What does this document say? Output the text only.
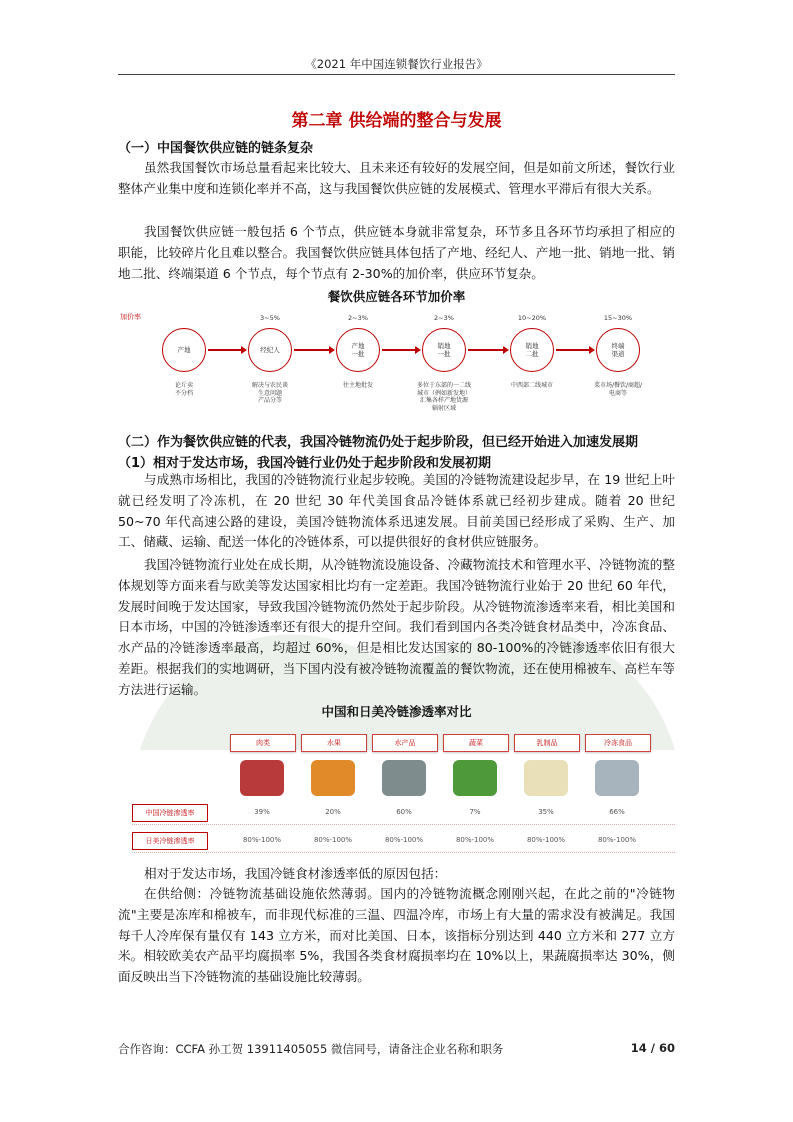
《2021 年中国连锁餐饮行业报告》
第二章 供给端的整合与发展
（一）中国餐饮供应链的链条复杂

虽然我国餐饮市场总量看起来比较大、且未来还有较好的发展空间，但是如前文所述，餐饮行业整体产业集中度和连锁化率并不高，这与我国餐饮供应链的发展模式、管理水平滞后有很大关系。

我国餐饮供应链一般包括 6 个节点，供应链本身就非常复杂，环节多且各环节均承担了相应的职能，比较碎片化且难以整合。我国餐饮供应链具体包括了产地、经纪人、产地一批、销地一批、销地二批、终端渠道 6 个节点，每个节点有 2-30%的加价率，供应环节复杂。

餐饮供应链各环节加价率
加价率
产地
论斤卖
不分档
3~5%
经纪人
解决与农民谈
生意问题
产品分等
2~3%
产地
一批
往主地批发
2~3%
销地
一批
多位于东部的一二线
城市（例如新发地）
汇集各样产地货源
辐射区域
10~20%
销地
二批
中西部二线城市
15~30%
终端
渠道
菜市场/餐饮/商超/
电商等
（二）作为餐饮供应链的代表，我国冷链物流仍处于起步阶段，但已经开始进入加速发展期
（1）相对于发达市场，我国冷链行业仍处于起步阶段和发展初期

与成熟市场相比，我国的冷链物流行业起步较晚。美国的冷链物流建设起步早，在 19 世纪上叶就已经发明了冷冻机，在 20 世纪 30 年代美国食品冷链体系就已经初步建成。随着 20 世纪 50~70 年代高速公路的建设，美国冷链物流体系迅速发展。目前美国已经形成了采购、生产、加工、储藏、运输、配送一体化的冷链体系，可以提供很好的食材供应链服务。

我国冷链物流行业处在成长期，从冷链物流设施设备、冷藏物流技术和管理水平、冷链物流的整体规划等方面来看与欧美等发达国家相比均有一定差距。我国冷链物流行业始于 20 世纪 60 年代，发展时间晚于发达国家，导致我国冷链物流仍然处于起步阶段。从冷链物流渗透率来看，相比美国和日本市场，中国的冷链渗透率还有很大的提升空间。我们看到国内各类冷链食材品类中，冷冻食品、水产品的冷链渗透率最高，均超过 60%，但是相比发达国家的 80-100%的冷链渗透率依旧有很大差距。根据我们的实地调研，当下国内没有被冷链物流覆盖的餐饮物流，还在使用棉被车、高栏车等方法进行运输。

中国和日美冷链渗透率对比
中国冷链渗透率
日美冷链渗透率
肉类
39%
80%-100%
水果
20%
80%-100%
水产品
60%
80%-100%
蔬菜
7%
80%-100%
乳制品
35%
80%-100%
冷冻食品
66%
80%-100%

相对于发达市场，我国冷链食材渗透率低的原因包括：

在供给侧：冷链物流基础设施依然薄弱。国内的冷链物流概念刚刚兴起，在此之前的"冷链物流"主要是冻库和棉被车，而非现代标准的三温、四温冷库，市场上有大量的需求没有被满足。我国每千人冷库保有量仅有 143 立方米，而对比美国、日本，该指标分别达到 440 立方米和 277 立方米。相较欧美农产品平均腐损率 5%，我国各类食材腐损率均在 10%以上，果蔬腐损率达 30%，侧面反映出当下冷链物流的基础设施比较薄弱。

合作咨询：CCFA 孙工贺 13911405055 微信同号，请备注企业名称和职务	14 / 60
